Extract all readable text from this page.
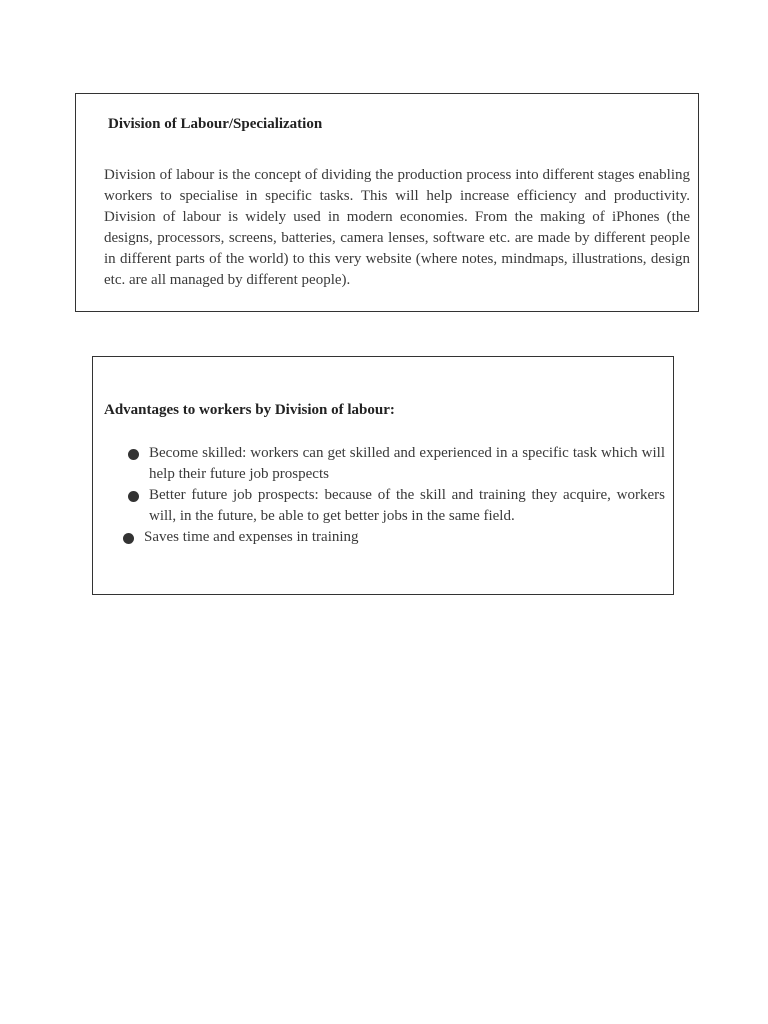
Division of Labour/Specialization

Division of labour is the concept of dividing the production process into different stages enabling workers to specialise in specific tasks. This will help increase efficiency and productivity. Division of labour is widely used in modern economies. From the making of iPhones (the designs, processors, screens, batteries, camera lenses, software etc. are made by different people in different parts of the world) to this very website (where notes, mindmaps, illustrations, design etc. are all managed by different people).

Advantages to workers by Division of labour:
Become skilled: workers can get skilled and experienced in a specific task which will help their future job prospects
Better future job prospects: because of the skill and training they acquire, workers will, in the future, be able to get better jobs in the same field.
Saves time and expenses in training
